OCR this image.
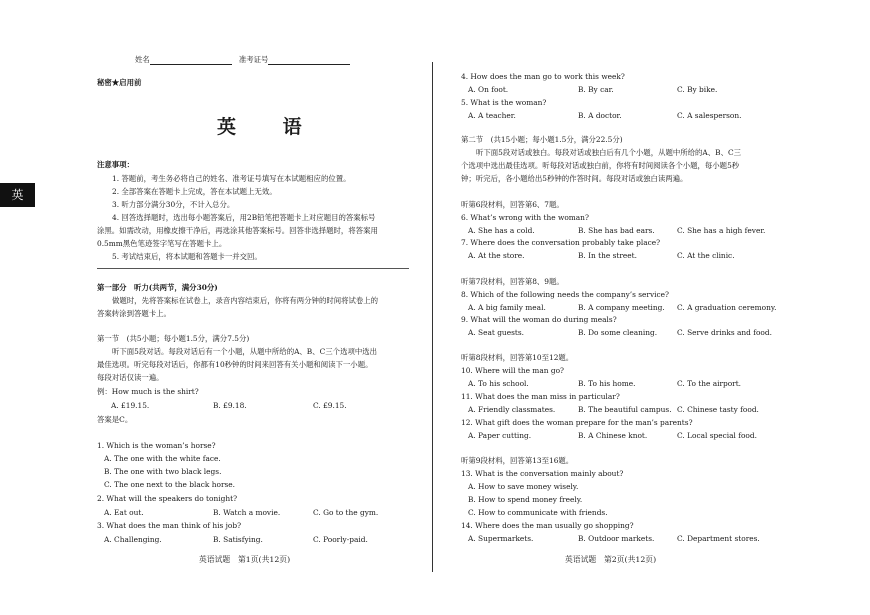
英
姓名	准考证号
秘密★启用前
英 语
注意事项：
1. 答题前，考生务必将自己的姓名、准考证号填写在本试题相应的位置。
2. 全部答案在答题卡上完成，答在本试题上无效。
3. 听力部分满分30分，不计入总分。
4. 回答选择题时，选出每小题答案后，用2B铅笔把答题卡上对应题目的答案标号
涂黑。如需改动，用橡皮擦干净后，再选涂其他答案标号。回答非选择题时，将答案用
0.5mm黑色笔迹签字笔写在答题卡上。
5. 考试结束后，将本试题和答题卡一并交回。
第一部分　听力(共两节，满分30分)
做题时，先将答案标在试卷上，录音内容结束后，你将有两分钟的时间将试卷上的
答案转涂到答题卡上。
第一节　(共5小题；每小题1.5分，满分7.5分)
听下面5段对话。每段对话后有一个小题，从题中所给的A、B、C三个选项中选出
最佳选项。听完每段对话后，你都有10秒钟的时间来回答有关小题和阅读下一小题。
每段对话仅读一遍。
例：How much is the shirt?
A. £19.15.	B. £9.18.	C. £9.15.
答案是C。
1. Which is the woman’s horse?
A. The one with the white face.
B. The one with two black legs.
C. The one next to the black horse.
2. What will the speakers do tonight?
A. Eat out.	B. Watch a movie.	C. Go to the gym.
3. What does the man think of his job?
A. Challenging.	B. Satisfying.	C. Poorly-paid.
英语试题　第1页(共12页)
4. How does the man go to work this week?
A. On foot.	B. By car.	C. By bike.
5. What is the woman?
A. A teacher.	B. A doctor.	C. A salesperson.
第二节　(共15小题；每小题1.5分，满分22.5分)
听下面5段对话或独白。每段对话或独白后有几个小题，从题中所给的A、B、C三
个选项中选出最佳选项。听每段对话或独白前，你将有时间阅读各个小题，每小题5秒
钟；听完后，各小题给出5秒钟的作答时间。每段对话或独白读两遍。
听第6段材料，回答第6、7题。
6. What’s wrong with the woman?
A. She has a cold.	B. She has bad ears.	C. She has a high fever.
7. Where does the conversation probably take place?
A. At the store.	B. In the street.	C. At the clinic.
听第7段材料，回答第8、9题。
8. Which of the following needs the company’s service?
A. A big family meal.	B. A company meeting. C. A graduation ceremony.
9. What will the woman do during meals?
A. Seat guests.	B. Do some cleaning.	C. Serve drinks and food.
听第8段材料，回答第10至12题。
10. Where will the man go?
A. To his school.	B. To his home.	C. To the airport.
11. What does the man miss in particular?
A. Friendly classmates.	B. The beautiful campus. C. Chinese tasty food.
12. What gift does the woman prepare for the man’s parents?
A. Paper cutting.	B. A Chinese knot.	C. Local special food.
听第9段材料，回答第13至16题。
13. What is the conversation mainly about?
A. How to save money wisely.
B. How to spend money freely.
C. How to communicate with friends.
14. Where does the man usually go shopping?
A. Supermarkets.	B. Outdoor markets.	C. Department stores.
英语试题　第2页(共12页)
